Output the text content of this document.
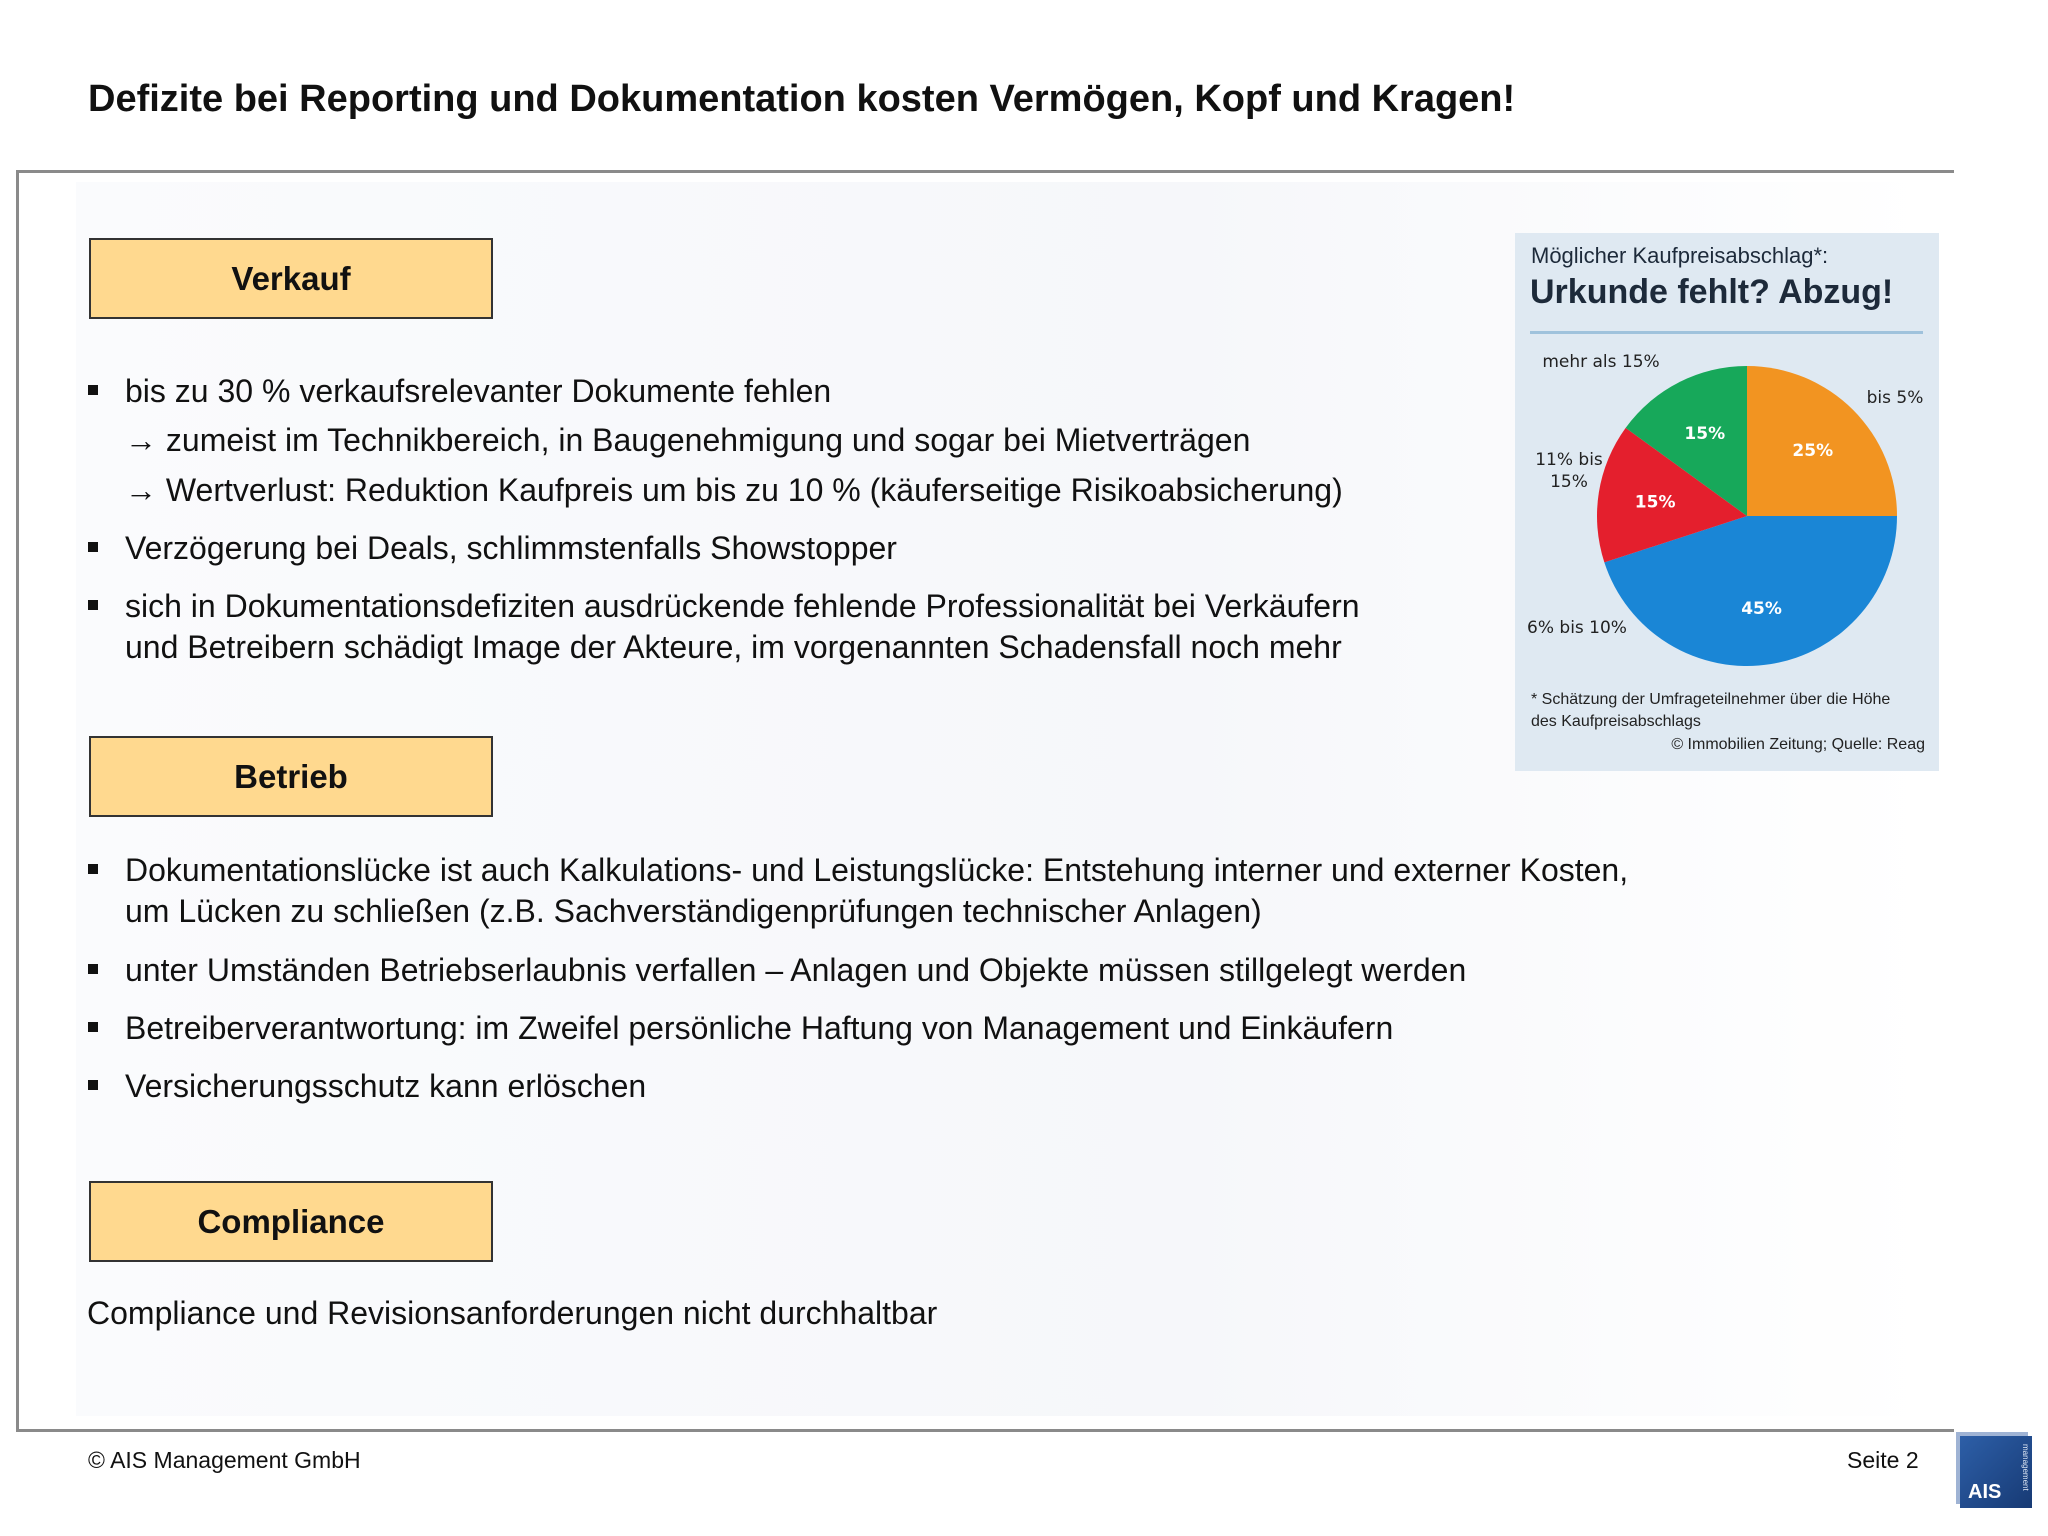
Defizite bei Reporting und Dokumentation kosten Vermögen, Kopf und Kragen!
Verkauf
bis zu 30 % verkaufsrelevanter Dokumente fehlen
→ zumeist im Technikbereich, in Baugenehmigung und sogar bei Mietverträgen
→ Wertverlust: Reduktion Kaufpreis um bis zu 10 % (käuferseitige Risikoabsicherung)
Verzögerung bei Deals, schlimmstenfalls Showstopper
sich in Dokumentationsdefiziten ausdrückende fehlende Professionalität bei Verkäufern
und Betreibern schädigt Image der Akteure, im vorgenannten Schadensfall noch mehr
Betrieb
Dokumentationslücke ist auch Kalkulations- und Leistungslücke: Entstehung interner und externer Kosten,
um Lücken zu schließen (z.B. Sachverständigenprüfungen technischer Anlagen)
unter Umständen Betriebserlaubnis verfallen – Anlagen und Objekte müssen stillgelegt werden
Betreiberverantwortung: im Zweifel persönliche Haftung von Management und Einkäufern
Versicherungsschutz kann erlöschen
Compliance
Compliance und Revisionsanforderungen nicht durchhaltbar
25%
bis 5%
45%
6% bis 10%
15%
11% bis 15%
15%
mehr als 15%
Möglicher Kaufpreisabschlag*:
Urkunde fehlt? Abzug!
* Schätzung der Umfrageteilnehmer über die Höhe
des Kaufpreisabschlags
© Immobilien Zeitung; Quelle: Reag
© AIS Management GmbH	Seite 2	management
AIS
